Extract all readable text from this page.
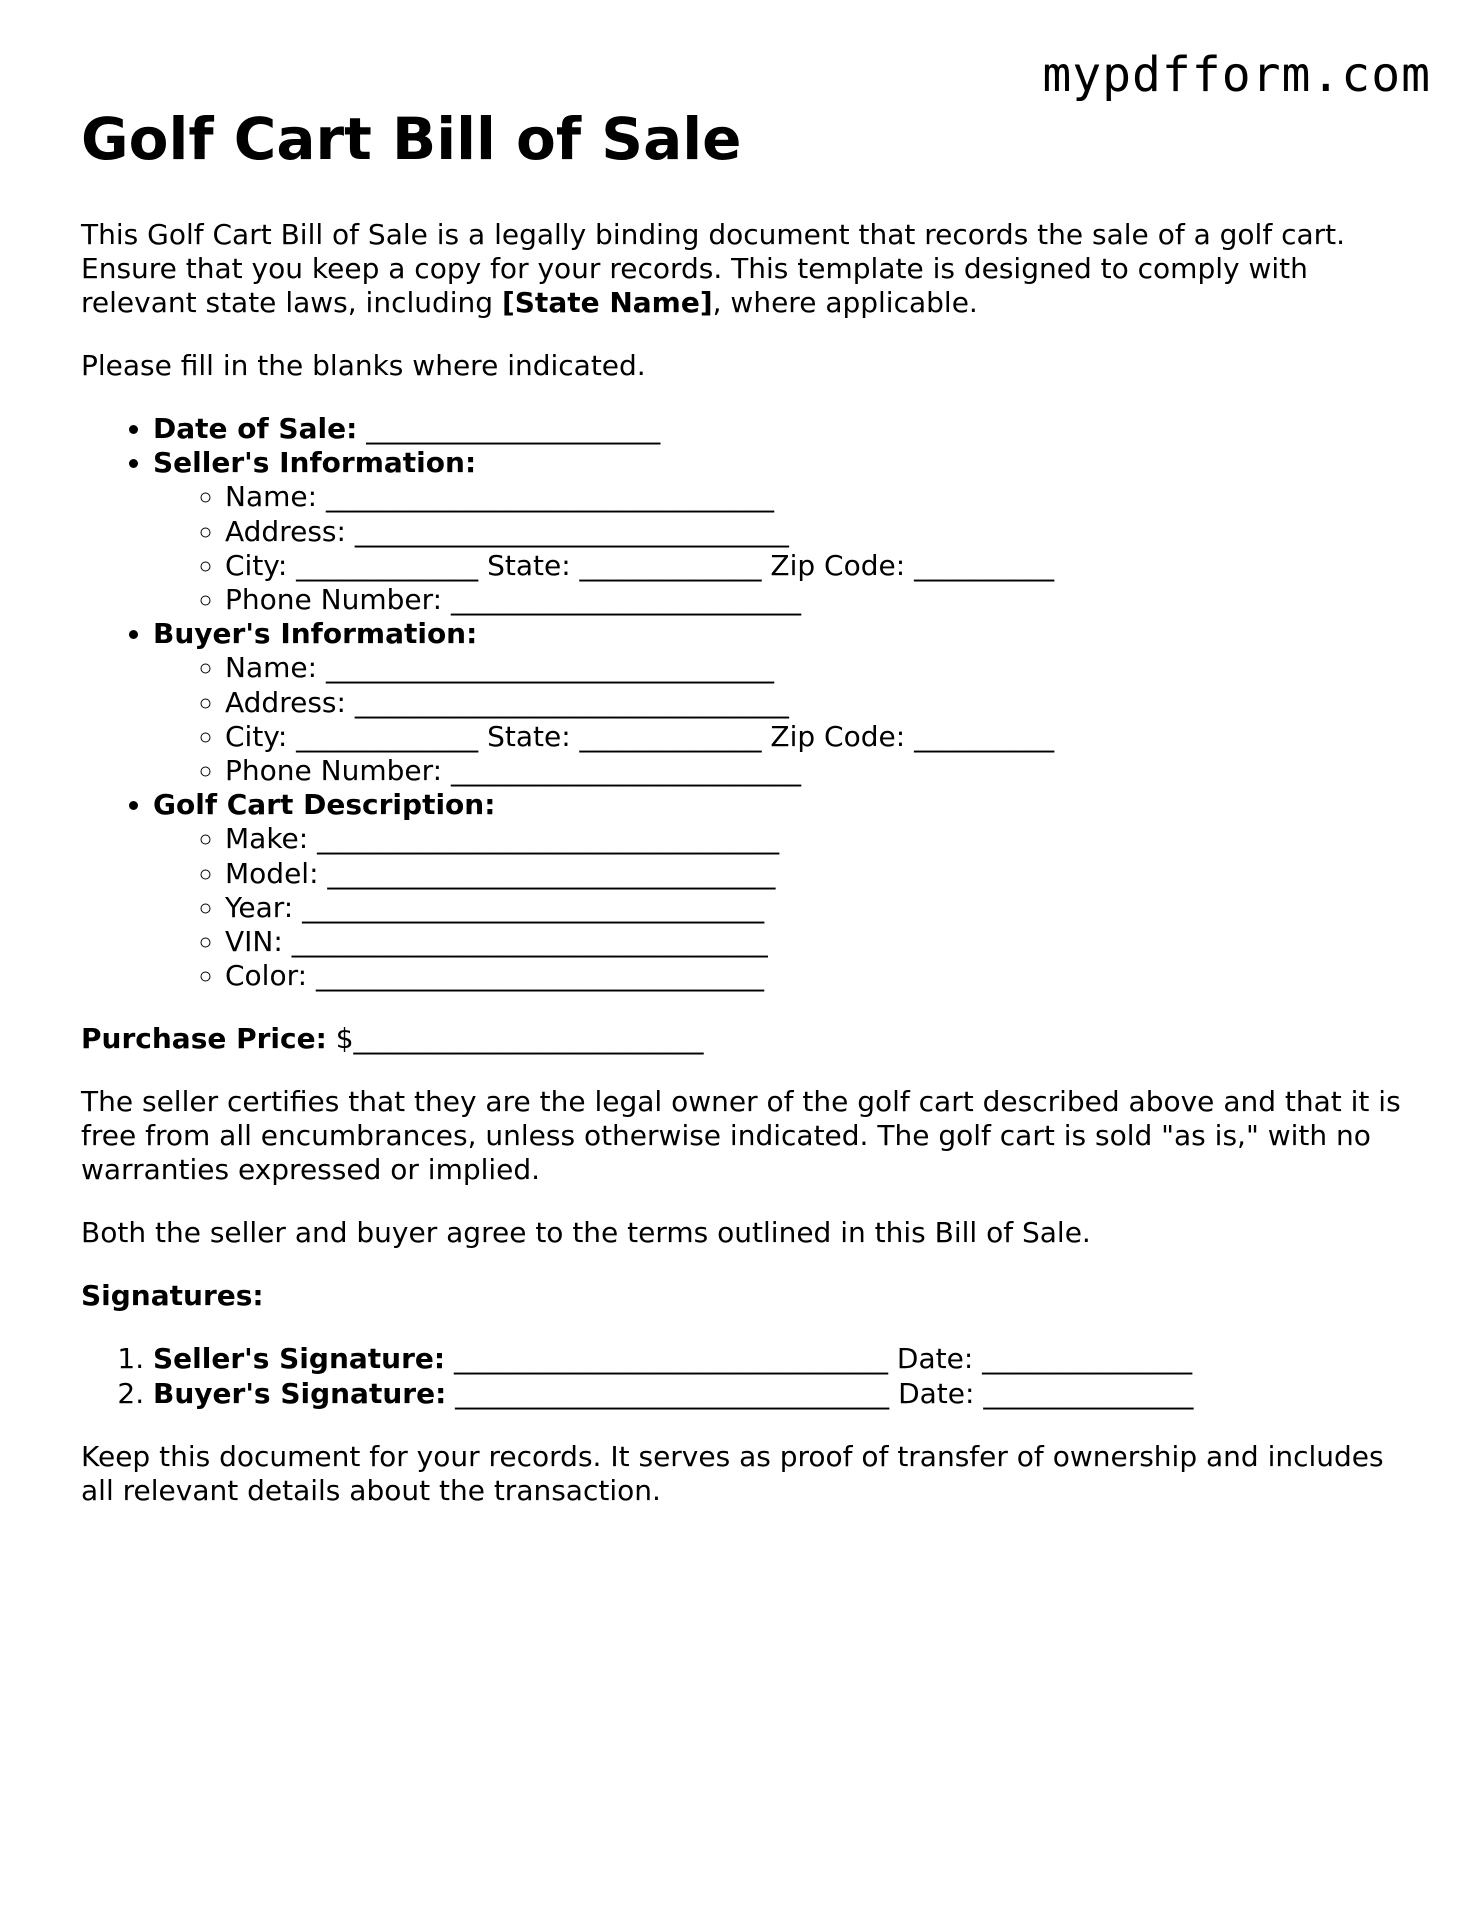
mypdfform.com
Golf Cart Bill of Sale

This Golf Cart Bill of Sale is a legally binding document that records the sale of a golf cart. Ensure that you keep a copy for your records. This template is designed to comply with relevant state laws, including [State Name], where applicable.

Please fill in the blanks where indicated.

• Date of Sale: _____________________
• Seller's Information:
◦ Name: ________________________________
◦ Address: _______________________________
◦ City: _____________ State: _____________ Zip Code: __________
◦ Phone Number: _________________________
• Buyer's Information:
◦ Name: ________________________________
◦ Address: _______________________________
◦ City: _____________ State: _____________ Zip Code: __________
◦ Phone Number: _________________________
• Golf Cart Description:
◦ Make: _________________________________
◦ Model: ________________________________
◦ Year: _________________________________
◦ VIN: __________________________________
◦ Color: ________________________________

Purchase Price: $_________________________

The seller certifies that they are the legal owner of the golf cart described above and that it is free from all encumbrances, unless otherwise indicated. The golf cart is sold "as is," with no warranties expressed or implied.

Both the seller and buyer agree to the terms outlined in this Bill of Sale.

Signatures:

1. Seller's Signature: _______________________________ Date: _______________
2. Buyer's Signature: _______________________________ Date: _______________

Keep this document for your records. It serves as proof of transfer of ownership and includes all relevant details about the transaction.
